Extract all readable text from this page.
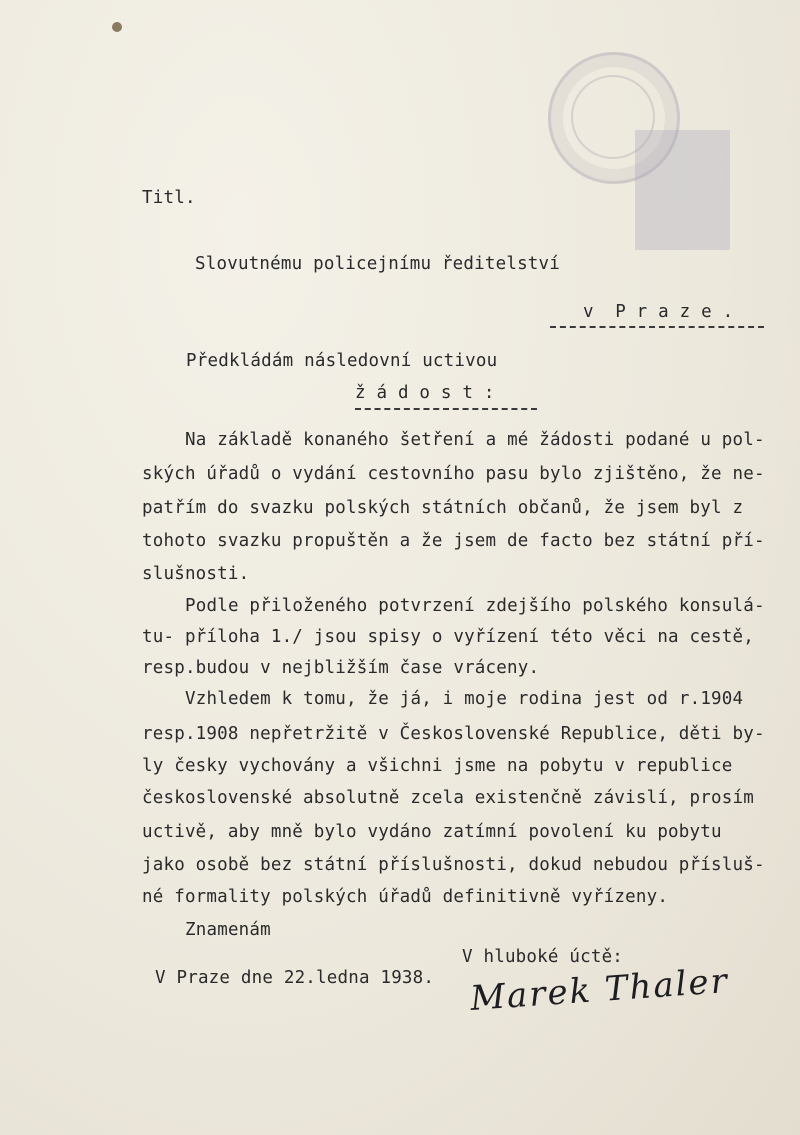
Titl.
Slovutnému policejnímu ředitelství
v  P r a z e .
Předkládám následovní uctivou
ž á d o s t :
Na základě konaného šetření a mé žádosti podané u pol-
ských úřadů o vydání cestovního pasu bylo zjištěno, že ne-
patřím do svazku polských státních občanů, že jsem byl z
tohoto svazku propuštěn a že jsem de facto bez státní pří-
slušnosti.
Podle přiloženého potvrzení zdejšího polského konsulá-
tu- příloha 1./ jsou spisy o vyřízení této věci na cestě,
resp.budou v nejbližším čase vráceny.
Vzhledem k tomu, že já, i moje rodina jest od r.1904
resp.1908 nepřetržitě v Československé Republice, děti by-
ly česky vychovány a všichni jsme na pobytu v republice
československé absolutně zcela existenčně závislí, prosím
uctivě, aby mně bylo vydáno zatímní povolení ku pobytu
jako osobě bez státní příslušnosti, dokud nebudou přísluš-
né formality polských úřadů definitivně vyřízeny.
Znamenám
V hluboké úctě:
V Praze dne 22.ledna 1938. Marek Thaler
